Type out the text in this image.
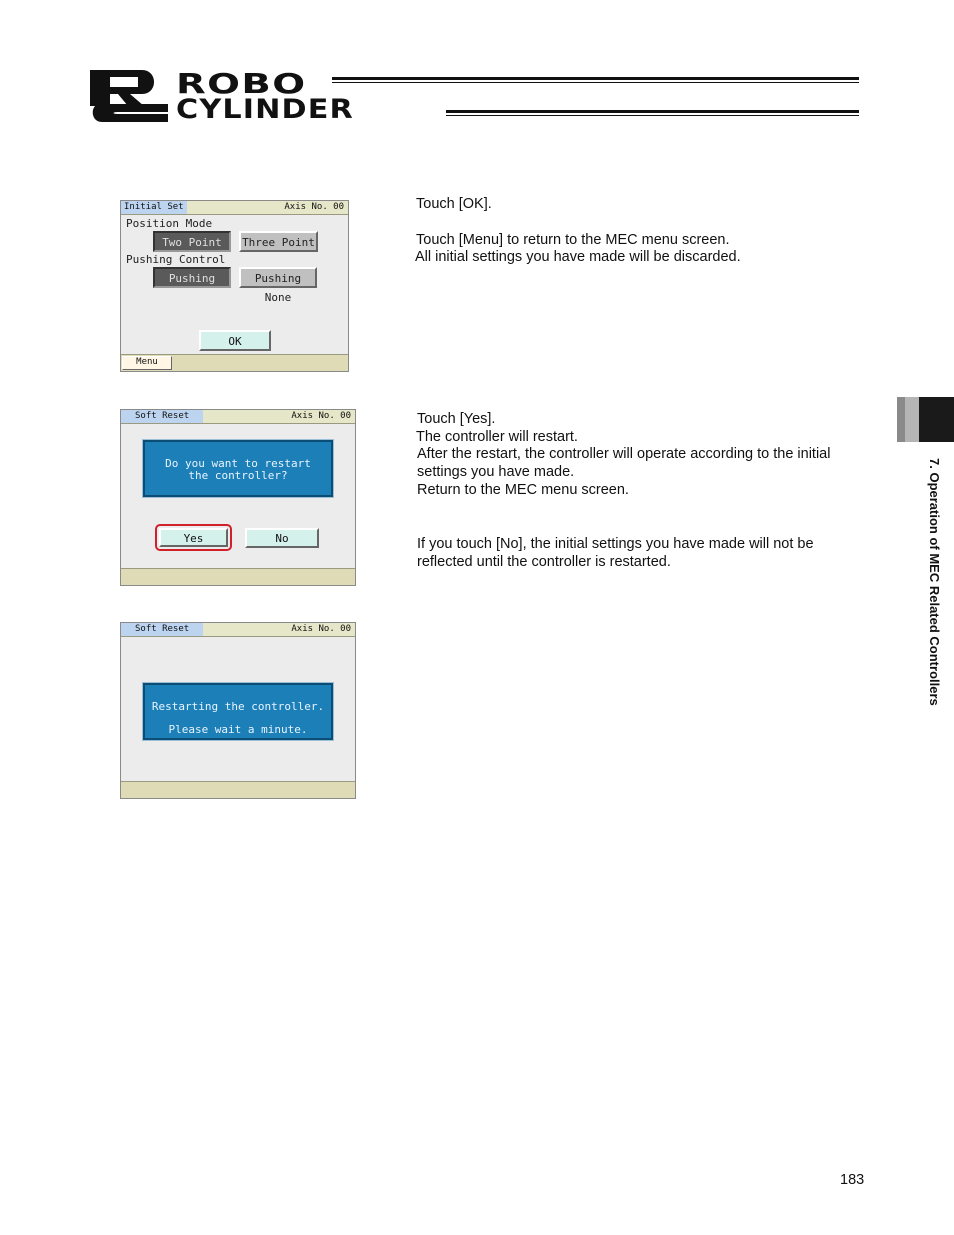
ROBO
CYLINDER
Initial Set	Axis No. 00
Position Mode
Two Point	Three Point
Pushing Control
Pushing	Pushing None
OK
Menu
Touch [OK].
Touch [Menu] to return to the MEC menu screen.
All initial settings you have made will be discarded.
Soft Reset	Axis No. 00
Do you want to restart
the controller?
Yes	No
Touch [Yes].
The controller will restart.
After the restart, the controller will operate according to the initial
settings you have made.
Return to the MEC menu screen.
If you touch [No], the initial settings you have made will not be
reflected until the controller is restarted.
Soft Reset	Axis No. 00
Restarting the controller.
Please wait a minute.
7. Operation of MEC Related Controllers
183
